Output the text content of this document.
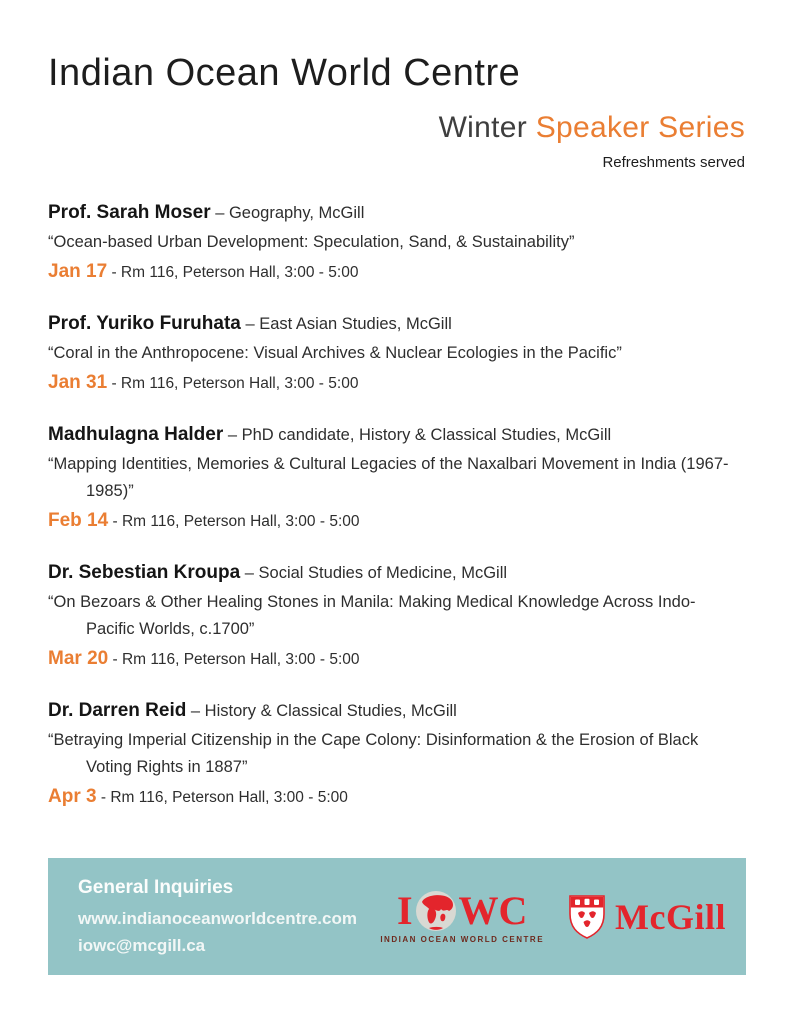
Indian Ocean World Centre
Winter Speaker Series
Refreshments served
Prof. Sarah Moser – Geography, McGill
“Ocean-based Urban Development: Speculation, Sand, & Sustainability”
Jan 17 - Rm 116, Peterson Hall, 3:00 - 5:00
Prof. Yuriko Furuhata – East Asian Studies, McGill
“Coral in the Anthropocene: Visual Archives & Nuclear Ecologies in the Pacific”
Jan 31 - Rm 116, Peterson Hall, 3:00 - 5:00
Madhulagna Halder – PhD candidate, History & Classical Studies, McGill
“Mapping Identities, Memories & Cultural Legacies of the Naxalbari Movement in India (1967-1985)”
Feb 14 - Rm 116, Peterson Hall, 3:00 - 5:00
Dr. Sebestian Kroupa – Social Studies of Medicine, McGill
“On Bezoars & Other Healing Stones in Manila: Making Medical Knowledge Across Indo-Pacific Worlds, c.1700”
Mar 20 - Rm 116, Peterson Hall, 3:00 - 5:00
Dr. Darren Reid – History & Classical Studies, McGill
“Betraying Imperial Citizenship in the Cape Colony: Disinformation & the Erosion of Black Voting Rights in 1887”
Apr 3 - Rm 116, Peterson Hall, 3:00 - 5:00
General Inquiries
www.indianoceanworldcentre.com
iowc@mcgill.ca
I WC
INDIAN OCEAN WORLD CENTRE
McGill
